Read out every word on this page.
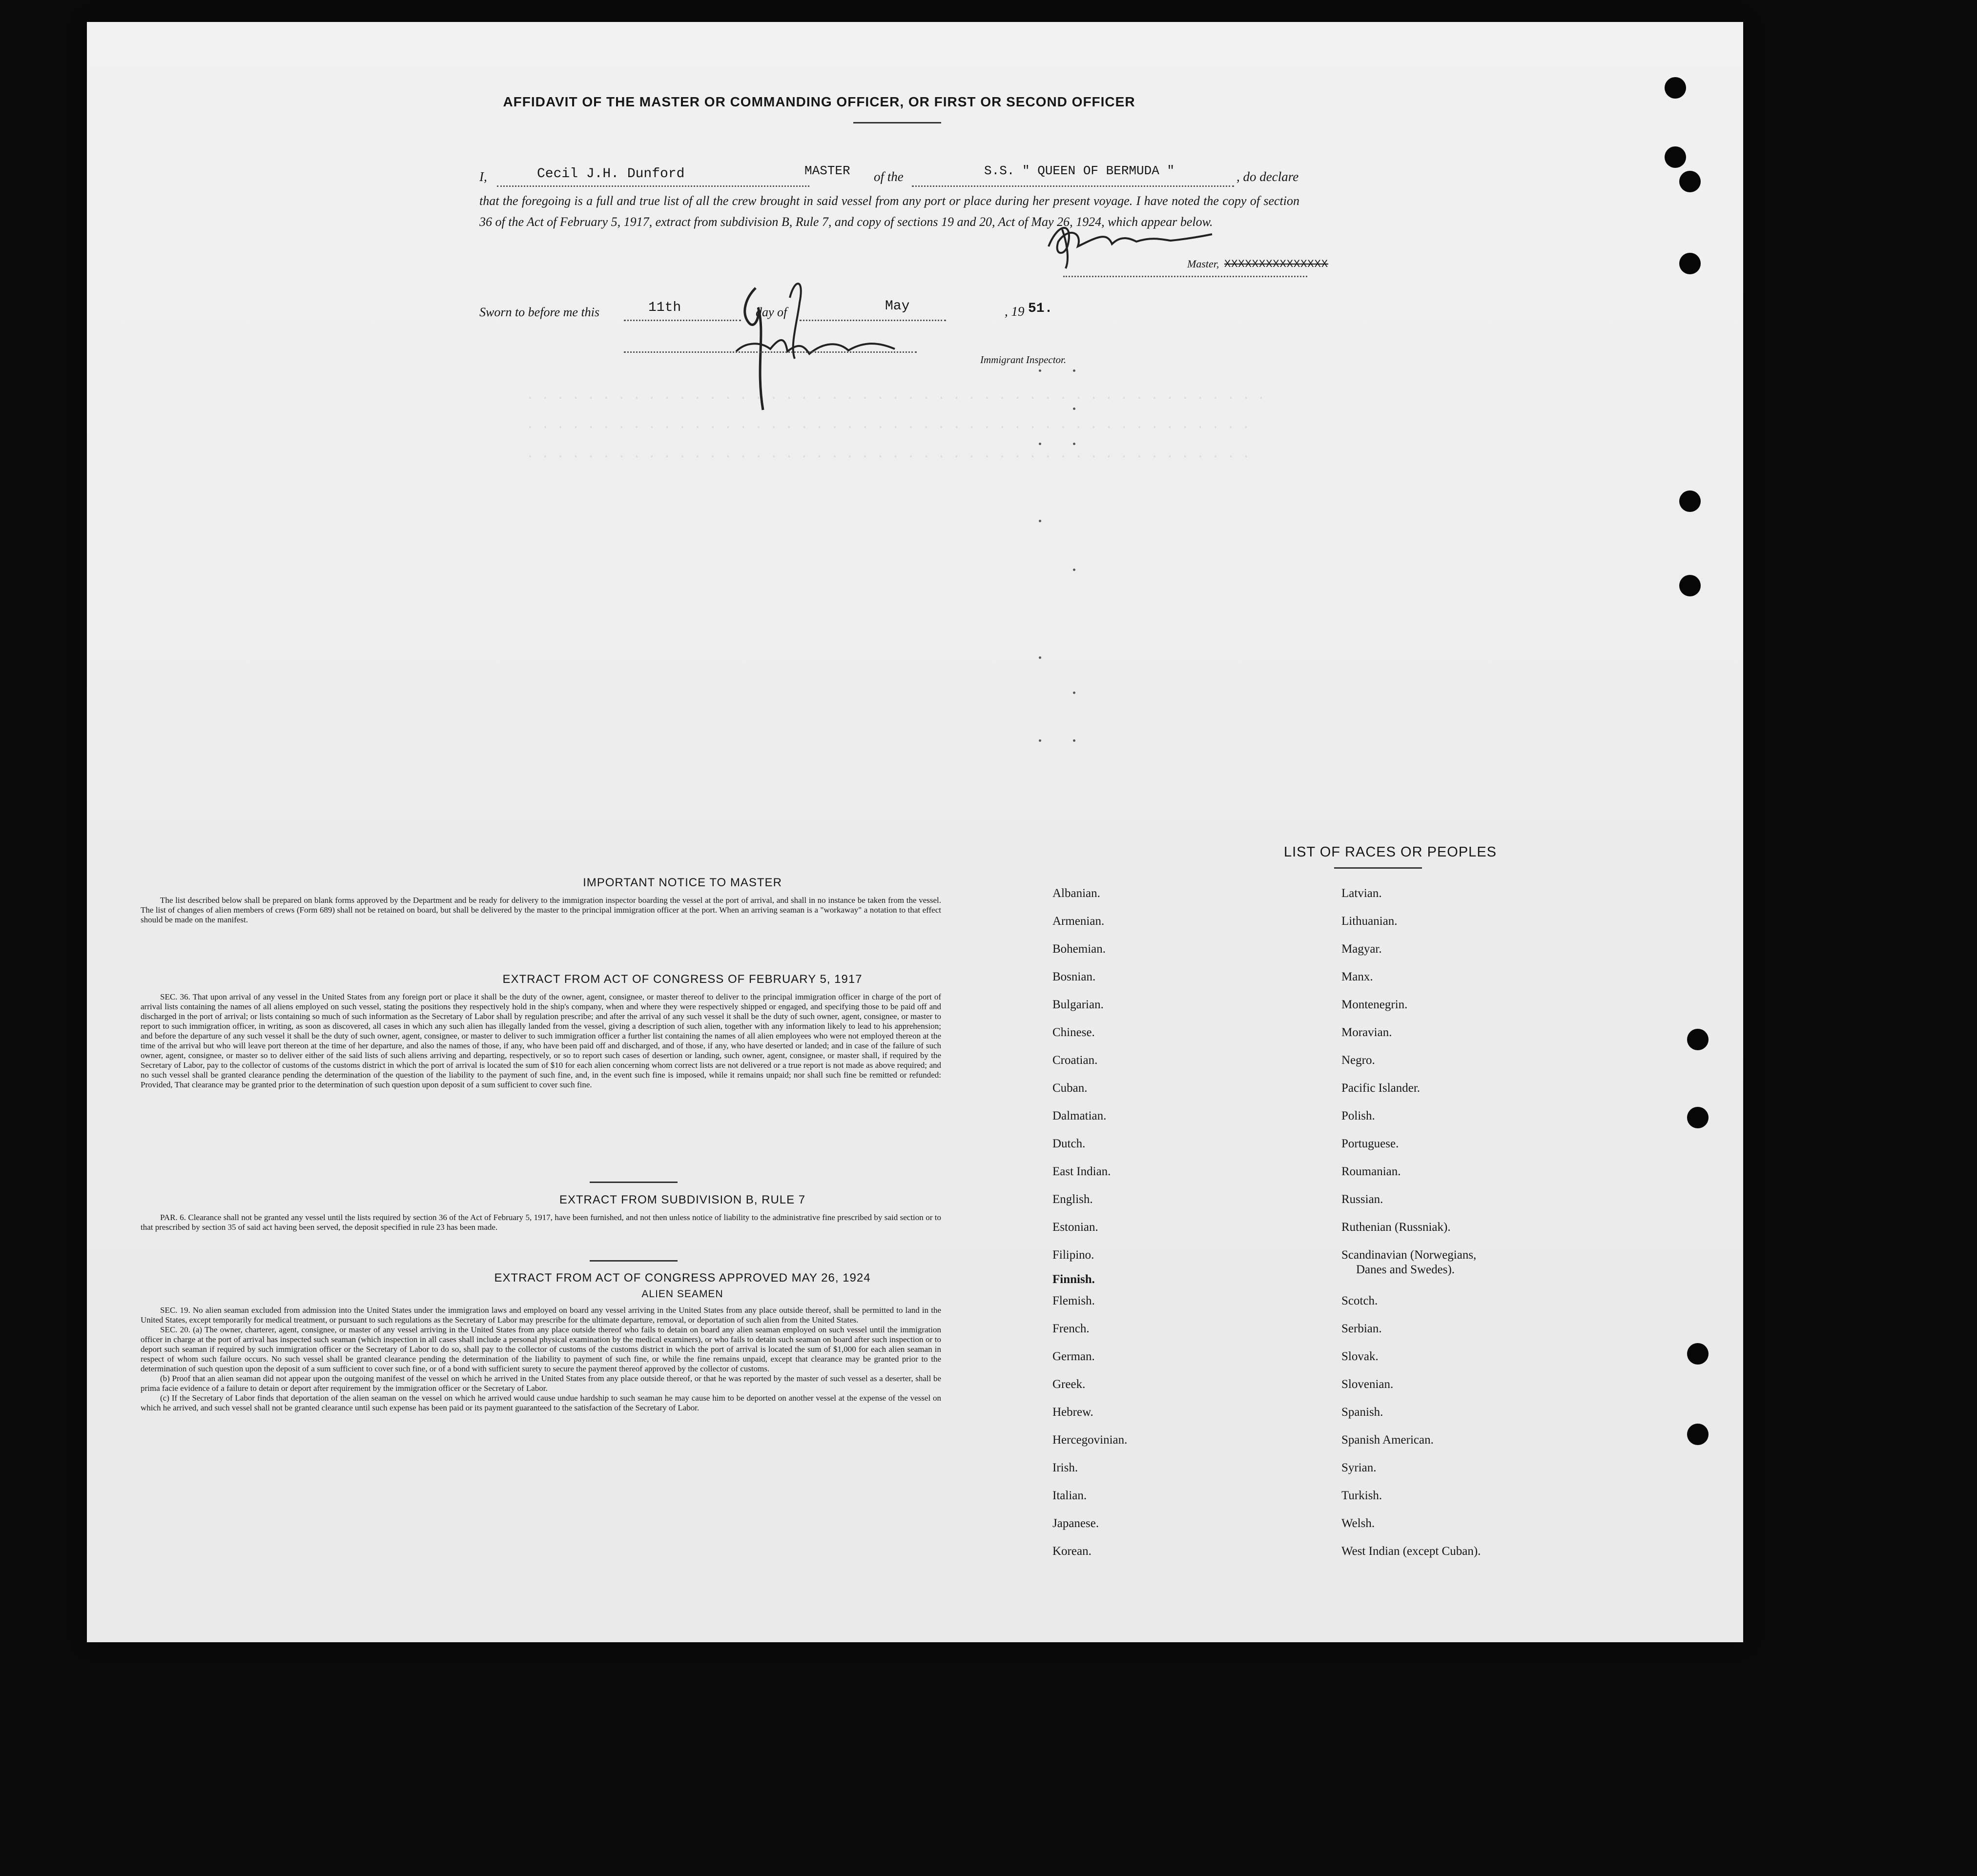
AFFIDAVIT OF THE MASTER OR COMMANDING OFFICER, OR FIRST OR SECOND OFFICER
I,	Cecil J.H. Dunford	MASTER of the	S.S. " QUEEN OF BERMUDA "	, do declare
that the foregoing is a full and true list of all the crew brought in said vessel from any port or place during her present voyage. I have noted the copy of section 36 of the Act of February 5, 1917, extract from subdivision B, Rule 7, and copy of sections 19 and 20, Act of May 26, 1924, which appear below.
Master, XXXXXXXXXXXXXXX
Sworn to before me this	11th	day of	May	, 19 51.
Immigrant Inspector.
. . . . . . . . . . . . . . . . . . . . . . . . . . . . . . . . . . . . . . . . . . . . . . . . .
. . . . . . . . . . . . . . . . . . . . . . . . . . . . . . . . . . . . . . . . . . . . . . . .
. . . . . . . . . . . . . . . . . . . . . . . . . . . . . . . . . . . . . . . . . . . . . . . .
IMPORTANT NOTICE TO MASTER

The list described below shall be prepared on blank forms approved by the Department and be ready for delivery to the immigration inspector boarding the vessel at the port of arrival, and shall in no instance be taken from the vessel. The list of changes of alien members of crews (Form 689) shall not be retained on board, but shall be delivered by the master to the principal immigration officer at the port. When an arriving seaman is a "workaway" a notation to that effect should be made on the manifest.

EXTRACT FROM ACT OF CONGRESS OF FEBRUARY 5, 1917

SEC. 36. That upon arrival of any vessel in the United States from any foreign port or place it shall be the duty of the owner, agent, consignee, or master thereof to deliver to the principal immigration officer in charge of the port of arrival lists containing the names of all aliens employed on such vessel, stating the positions they respectively hold in the ship's company, when and where they were respectively shipped or engaged, and specifying those to be paid off and discharged in the port of arrival; or lists containing so much of such information as the Secretary of Labor shall by regulation prescribe; and after the arrival of any such vessel it shall be the duty of such owner, agent, consignee, or master to report to such immigration officer, in writing, as soon as discovered, all cases in which any such alien has illegally landed from the vessel, giving a description of such alien, together with any information likely to lead to his apprehension; and before the departure of any such vessel it shall be the duty of such owner, agent, consignee, or master to deliver to such immigration officer a further list containing the names of all alien employees who were not employed thereon at the time of the arrival but who will leave port thereon at the time of her departure, and also the names of those, if any, who have been paid off and discharged, and of those, if any, who have deserted or landed; and in case of the failure of such owner, agent, consignee, or master so to deliver either of the said lists of such aliens arriving and departing, respectively, or so to report such cases of desertion or landing, such owner, agent, consignee, or master shall, if required by the Secretary of Labor, pay to the collector of customs of the customs district in which the port of arrival is located the sum of $10 for each alien concerning whom correct lists are not delivered or a true report is not made as above required; and no such vessel shall be granted clearance pending the determination of the question of the liability to the payment of such fine, and, in the event such fine is imposed, while it remains unpaid; nor shall such fine be remitted or refunded: Provided, That clearance may be granted prior to the determination of such question upon deposit of a sum sufficient to cover such fine.

EXTRACT FROM SUBDIVISION B, RULE 7

PAR. 6. Clearance shall not be granted any vessel until the lists required by section 36 of the Act of February 5, 1917, have been furnished, and not then unless notice of liability to the administrative fine prescribed by said section or to that prescribed by section 35 of said act having been served, the deposit specified in rule 23 has been made.

EXTRACT FROM ACT OF CONGRESS APPROVED MAY 26, 1924
ALIEN SEAMEN

SEC. 19. No alien seaman excluded from admission into the United States under the immigration laws and employed on board any vessel arriving in the United States from any place outside thereof, shall be permitted to land in the United States, except temporarily for medical treatment, or pursuant to such regulations as the Secretary of Labor may prescribe for the ultimate departure, removal, or deportation of such alien from the United States.

SEC. 20. (a) The owner, charterer, agent, consignee, or master of any vessel arriving in the United States from any place outside thereof who fails to detain on board any alien seaman employed on such vessel until the immigration officer in charge at the port of arrival has inspected such seaman (which inspection in all cases shall include a personal physical examination by the medical examiners), or who fails to detain such seaman on board after such inspection or to deport such seaman if required by such immigration officer or the Secretary of Labor to do so, shall pay to the collector of customs of the customs district in which the port of arrival is located the sum of $1,000 for each alien seaman in respect of whom such failure occurs. No such vessel shall be granted clearance pending the determination of the liability to payment of such fine, or while the fine remains unpaid, except that clearance may be granted prior to the determination of such question upon the deposit of a sum sufficient to cover such fine, or of a bond with sufficient surety to secure the payment thereof approved by the collector of customs.

(b) Proof that an alien seaman did not appear upon the outgoing manifest of the vessel on which he arrived in the United States from any place outside thereof, or that he was reported by the master of such vessel as a deserter, shall be prima facie evidence of a failure to detain or deport after requirement by the immigration officer or the Secretary of Labor.

(c) If the Secretary of Labor finds that deportation of the alien seaman on the vessel on which he arrived would cause undue hardship to such seaman he may cause him to be deported on another vessel at the expense of the vessel on which he arrived, and such vessel shall not be granted clearance until such expense has been paid or its payment guaranteed to the satisfaction of the Secretary of Labor.

LIST OF RACES OR PEOPLES
Albanian.
Armenian.
Bohemian.
Bosnian.
Bulgarian.
Chinese.
Croatian.
Cuban.
Dalmatian.
Dutch.
East Indian.
English.
Estonian.
Filipino.
Finnish.
Flemish.
French.
German.
Greek.
Hebrew.
Hercegovinian.
Irish.
Italian.
Japanese.
Korean.
Latvian.
Lithuanian.
Magyar.
Manx.
Montenegrin.
Moravian.
Negro.
Pacific Islander.
Polish.
Portuguese.
Roumanian.
Russian.
Ruthenian (Russniak).
Scandinavian (Norwegians,
Danes and Swedes).
Scotch.
Serbian.
Slovak.
Slovenian.
Spanish.
Spanish American.
Syrian.
Turkish.
Welsh.
West Indian (except Cuban).
